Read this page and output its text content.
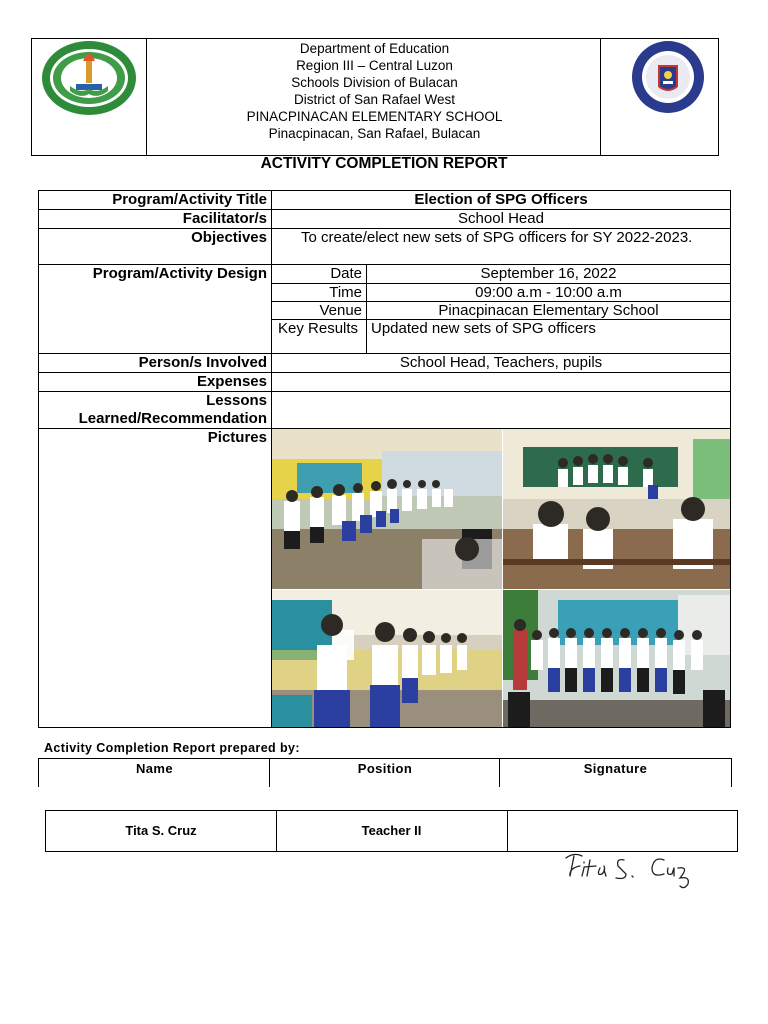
Department of Education
Region III – Central Luzon
Schools Division of Bulacan
District of San Rafael West
PINACPINACAN ELEMENTARY SCHOOL
Pinacpinacan, San Rafael, Bulacan
ACTIVITY COMPLETION REPORT
Program/Activity Title	Election of SPG Officers
Facilitator/s	School Head
Objectives	To create/elect new sets of SPG officers for SY 2022-2023.
Program/Activity Design		Date	September 16, 2022
Time	09:00 a.m - 10:00 a.m
Venue	Pinacpinacan Elementary School
Key Results	Updated new sets of SPG officers

Person/s Involved	School Head, Teachers, pupils
Expenses	
Lessons Learned/Recommendation	
Pictures	
Activity Completion Report prepared by:
Name	Position	Signature
Tita S. Cruz	Teacher II
